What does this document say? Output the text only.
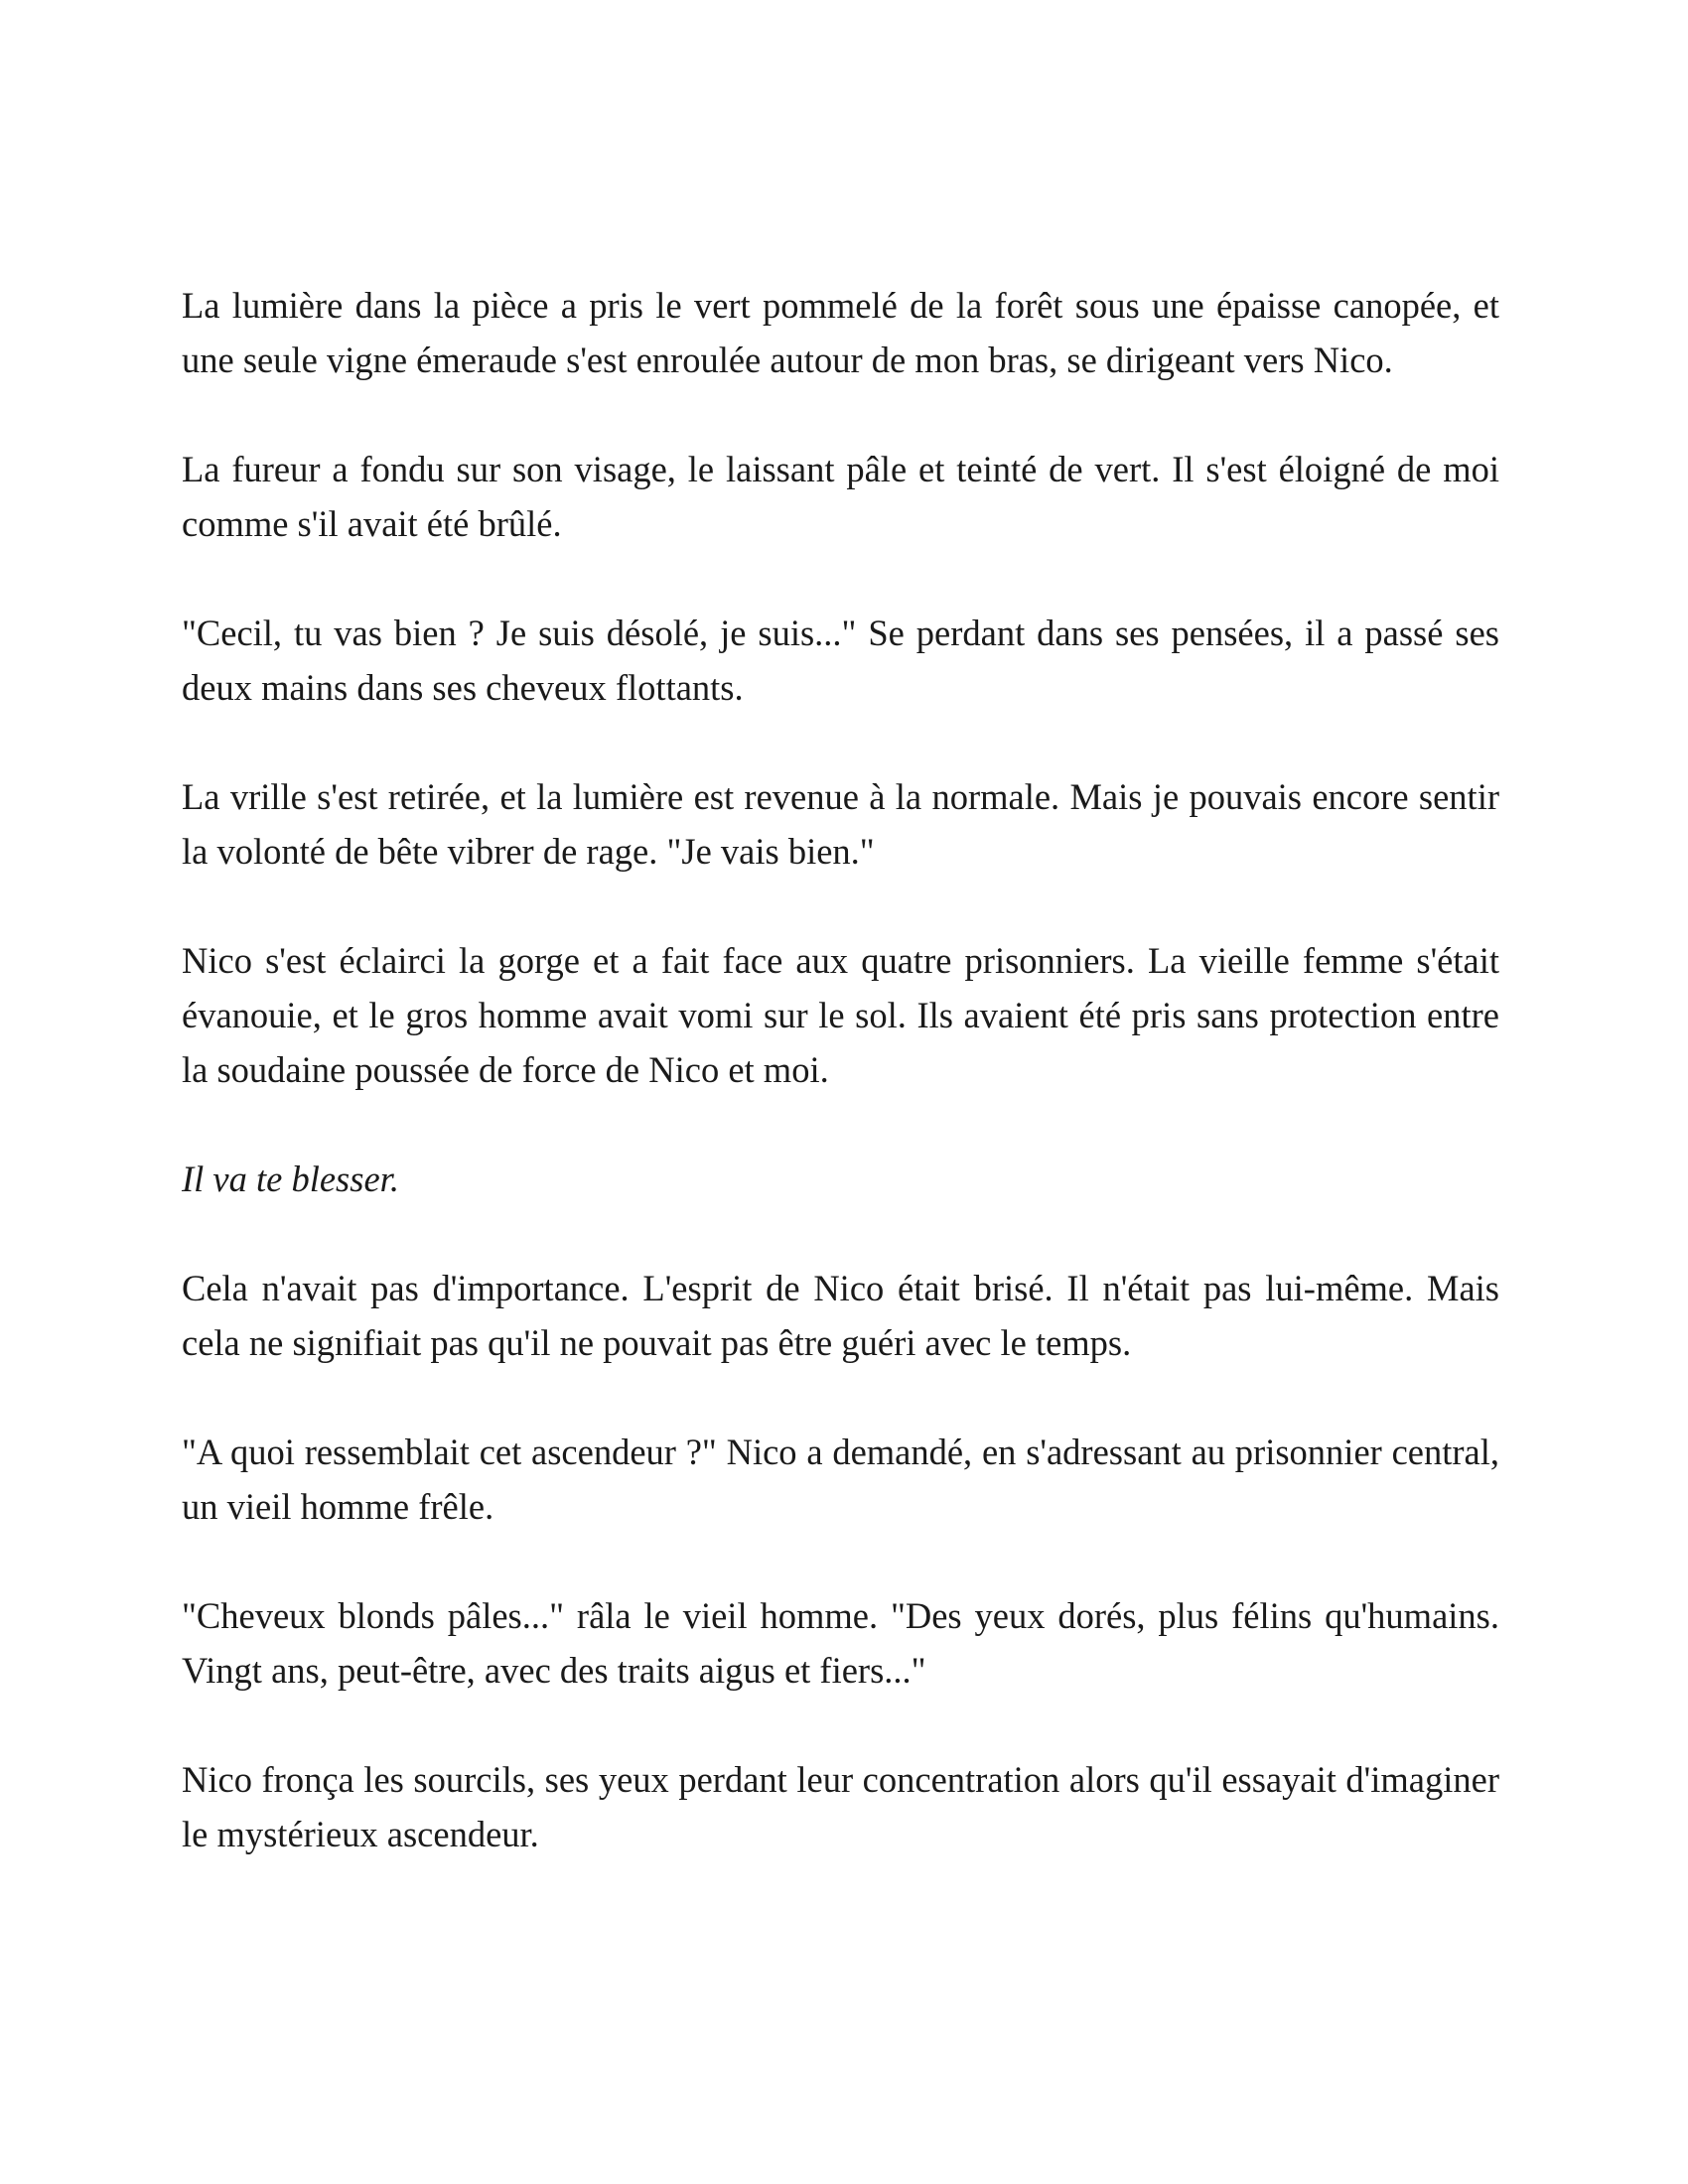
La lumière dans la pièce a pris le vert pommelé de la forêt sous une épaisse canopée, et une seule vigne émeraude s'est enroulée autour de mon bras, se dirigeant vers Nico.

La fureur a fondu sur son visage, le laissant pâle et teinté de vert. Il s'est éloigné de moi comme s'il avait été brûlé.

"Cecil, tu vas bien ? Je suis désolé, je suis..." Se perdant dans ses pensées, il a passé ses deux mains dans ses cheveux flottants.

La vrille s'est retirée, et la lumière est revenue à la normale. Mais je pouvais encore sentir la volonté de bête vibrer de rage. "Je vais bien."

Nico s'est éclairci la gorge et a fait face aux quatre prisonniers. La vieille femme s'était évanouie, et le gros homme avait vomi sur le sol. Ils avaient été pris sans protection entre la soudaine poussée de force de Nico et moi.

Il va te blesser.

Cela n'avait pas d'importance. L'esprit de Nico était brisé. Il n'était pas lui-même. Mais cela ne signifiait pas qu'il ne pouvait pas être guéri avec le temps.

"A quoi ressemblait cet ascendeur ?" Nico a demandé, en s'adressant au prisonnier central, un vieil homme frêle.

"Cheveux blonds pâles..." râla le vieil homme. "Des yeux dorés, plus félins qu'humains. Vingt ans, peut-être, avec des traits aigus et fiers..."

Nico fronça les sourcils, ses yeux perdant leur concentration alors qu'il essayait d'imaginer le mystérieux ascendeur.
